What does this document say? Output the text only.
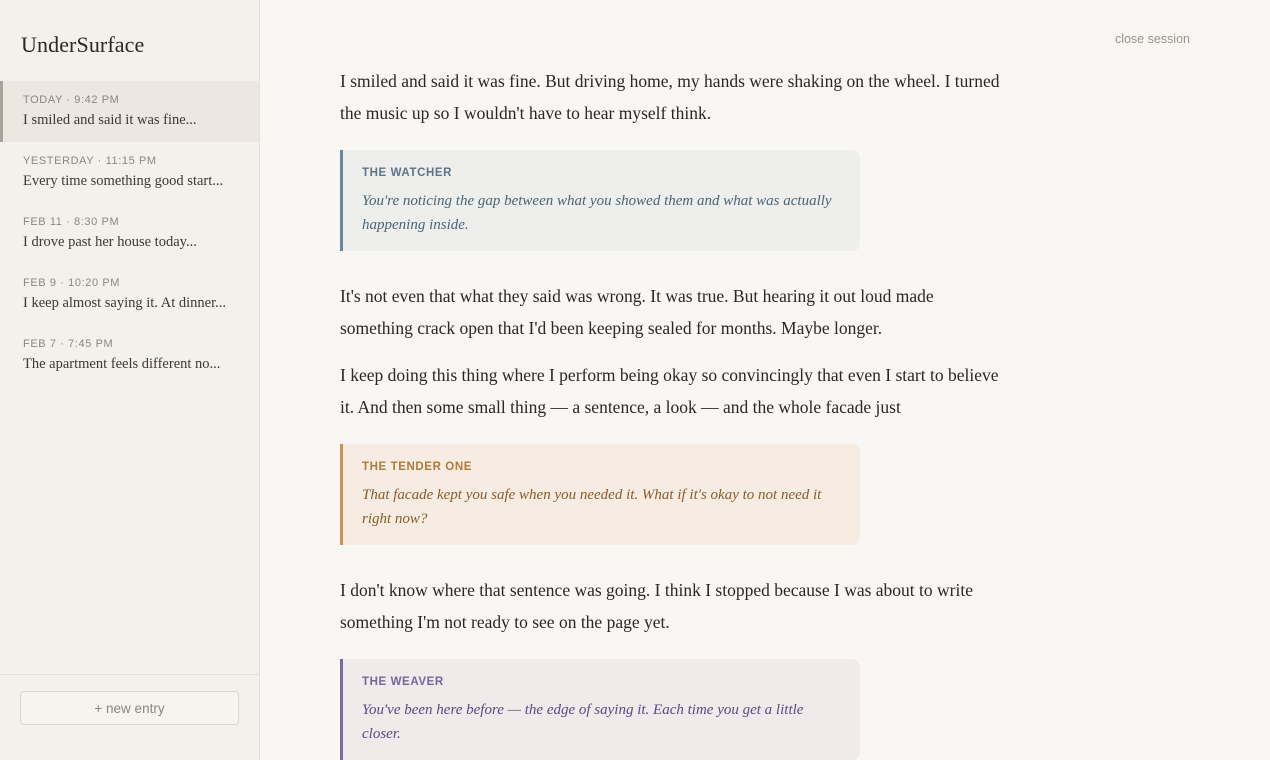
UnderSurface
TODAY · 9:42 PM
I smiled and said it was fine...
YESTERDAY · 11:15 PM
Every time something good start...
FEB 11 · 8:30 PM
I drove past her house today...
FEB 9 · 10:20 PM
I keep almost saying it. At dinner...
FEB 7 · 7:45 PM
The apartment feels different no...
+ new entry
close session

I smiled and said it was fine. But driving home, my hands were shaking on the wheel. I turned the music up so I wouldn't have to hear myself think.

THE WATCHER
You're noticing the gap between what you showed them and what was actually happening inside.

It's not even that what they said was wrong. It was true. But hearing it out loud made something crack open that I'd been keeping sealed for months. Maybe longer.

I keep doing this thing where I perform being okay so convincingly that even I start to believe it. And then some small thing — a sentence, a look — and the whole facade just

THE TENDER ONE
That facade kept you safe when you needed it. What if it's okay to not need it right now?

I don't know where that sentence was going. I think I stopped because I was about to write something I'm not ready to see on the page yet.

THE WEAVER
You've been here before — the edge of saying it. Each time you get a little closer.
